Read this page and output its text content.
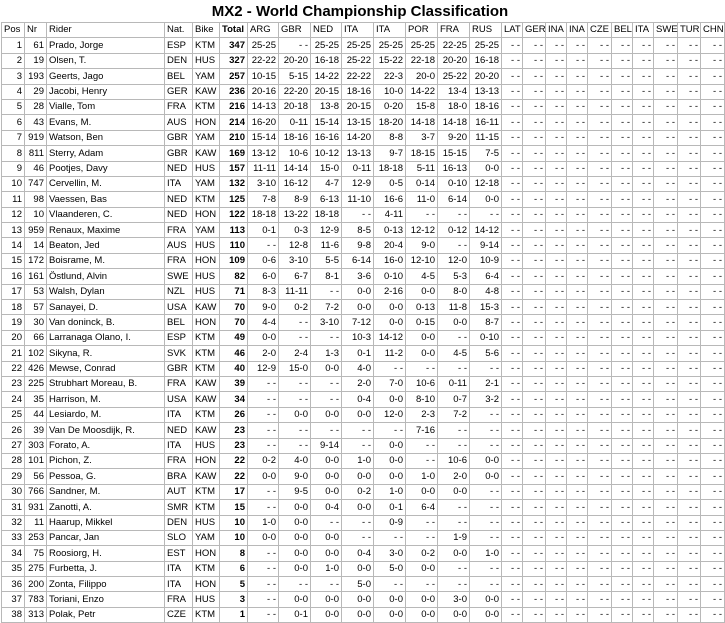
MX2 - World Championship Classification
Pos	Nr	Rider	Nat.	Bike	Total	ARG	GBR	NED	ITA	ITA	POR	FRA	RUS	LAT	GER	INA	INA	CZE	BEL	ITA	SWE	TUR	CHN
1	61	Prado, Jorge	ESP	KTM	347	25-25	- -	25-25	25-25	25-25	25-25	22-25	25-25	- -	- -	- -	- -	- -	- -	- -	- -	- -	- -
2	19	Olsen, T.	DEN	HUS	327	22-22	20-20	16-18	25-22	15-22	22-18	20-20	16-18	- -	- -	- -	- -	- -	- -	- -	- -	- -	- -
3	193	Geerts, Jago	BEL	YAM	257	10-15	5-15	14-22	22-22	22-3	20-0	25-22	20-20	- -	- -	- -	- -	- -	- -	- -	- -	- -	- -
4	29	Jacobi, Henry	GER	KAW	236	20-16	22-20	20-15	18-16	10-0	14-22	13-4	13-13	- -	- -	- -	- -	- -	- -	- -	- -	- -	- -
5	28	Vialle, Tom	FRA	KTM	216	14-13	20-18	13-8	20-15	0-20	15-8	18-0	18-16	- -	- -	- -	- -	- -	- -	- -	- -	- -	- -
6	43	Evans, M.	AUS	HON	214	16-20	0-11	15-14	13-15	18-20	14-18	14-18	16-11	- -	- -	- -	- -	- -	- -	- -	- -	- -	- -
7	919	Watson, Ben	GBR	YAM	210	15-14	18-16	16-16	14-20	8-8	3-7	9-20	11-15	- -	- -	- -	- -	- -	- -	- -	- -	- -	- -
8	811	Sterry, Adam	GBR	KAW	169	13-12	10-6	10-12	13-13	9-7	18-15	15-15	7-5	- -	- -	- -	- -	- -	- -	- -	- -	- -	- -
9	46	Pootjes, Davy	NED	HUS	157	11-11	14-14	15-0	0-11	18-18	5-11	16-13	0-0	- -	- -	- -	- -	- -	- -	- -	- -	- -	- -
10	747	Cervellin, M.	ITA	YAM	132	3-10	16-12	4-7	12-9	0-5	0-14	0-10	12-18	- -	- -	- -	- -	- -	- -	- -	- -	- -	- -
11	98	Vaessen, Bas	NED	KTM	125	7-8	8-9	6-13	11-10	16-6	11-0	6-14	0-0	- -	- -	- -	- -	- -	- -	- -	- -	- -	- -
12	10	Vlaanderen, C.	NED	HON	122	18-18	13-22	18-18	- -	4-11	- -	- -	- -	- -	- -	- -	- -	- -	- -	- -	- -	- -	- -
13	959	Renaux, Maxime	FRA	YAM	113	0-1	0-3	12-9	8-5	0-13	12-12	0-12	14-12	- -	- -	- -	- -	- -	- -	- -	- -	- -	- -
14	14	Beaton, Jed	AUS	HUS	110	- -	12-8	11-6	9-8	20-4	9-0	- -	9-14	- -	- -	- -	- -	- -	- -	- -	- -	- -	- -
15	172	Boisrame, M.	FRA	HON	109	0-6	3-10	5-5	6-14	16-0	12-10	12-0	10-9	- -	- -	- -	- -	- -	- -	- -	- -	- -	- -
16	161	Östlund, Alvin	SWE	HUS	82	6-0	6-7	8-1	3-6	0-10	4-5	5-3	6-4	- -	- -	- -	- -	- -	- -	- -	- -	- -	- -
17	53	Walsh, Dylan	NZL	HUS	71	8-3	11-11	- -	0-0	2-16	0-0	8-0	4-8	- -	- -	- -	- -	- -	- -	- -	- -	- -	- -
18	57	Sanayei, D.	USA	KAW	70	9-0	0-2	7-2	0-0	0-0	0-13	11-8	15-3	- -	- -	- -	- -	- -	- -	- -	- -	- -	- -
19	30	Van doninck, B.	BEL	HON	70	4-4	- -	3-10	7-12	0-0	0-15	0-0	8-7	- -	- -	- -	- -	- -	- -	- -	- -	- -	- -
20	66	Larranaga Olano, I.	ESP	KTM	49	0-0	- -	- -	10-3	14-12	0-0	- -	0-10	- -	- -	- -	- -	- -	- -	- -	- -	- -	- -
21	102	Sikyna, R.	SVK	KTM	46	2-0	2-4	1-3	0-1	11-2	0-0	4-5	5-6	- -	- -	- -	- -	- -	- -	- -	- -	- -	- -
22	426	Mewse, Conrad	GBR	KTM	40	12-9	15-0	0-0	4-0	- -	- -	- -	- -	- -	- -	- -	- -	- -	- -	- -	- -	- -	- -
23	225	Strubhart Moreau, B.	FRA	KAW	39	- -	- -	- -	2-0	7-0	10-6	0-11	2-1	- -	- -	- -	- -	- -	- -	- -	- -	- -	- -
24	35	Harrison, M.	USA	KAW	34	- -	- -	- -	0-4	0-0	8-10	0-7	3-2	- -	- -	- -	- -	- -	- -	- -	- -	- -	- -
25	44	Lesiardo, M.	ITA	KTM	26	- -	0-0	0-0	0-0	12-0	2-3	7-2	- -	- -	- -	- -	- -	- -	- -	- -	- -	- -	- -
26	39	Van De Moosdijk, R.	NED	KAW	23	- -	- -	- -	- -	- -	7-16	- -	- -	- -	- -	- -	- -	- -	- -	- -	- -	- -	- -
27	303	Forato, A.	ITA	HUS	23	- -	- -	9-14	- -	0-0	- -	- -	- -	- -	- -	- -	- -	- -	- -	- -	- -	- -	- -
28	101	Pichon, Z.	FRA	HON	22	0-2	4-0	0-0	1-0	0-0	- -	10-6	0-0	- -	- -	- -	- -	- -	- -	- -	- -	- -	- -
29	56	Pessoa, G.	BRA	KAW	22	0-0	9-0	0-0	0-0	0-0	1-0	2-0	0-0	- -	- -	- -	- -	- -	- -	- -	- -	- -	- -
30	766	Sandner, M.	AUT	KTM	17	- -	9-5	0-0	0-2	1-0	0-0	0-0	- -	- -	- -	- -	- -	- -	- -	- -	- -	- -	- -
31	931	Zanotti, A.	SMR	KTM	15	- -	0-0	0-4	0-0	0-1	6-4	- -	- -	- -	- -	- -	- -	- -	- -	- -	- -	- -	- -
32	11	Haarup, Mikkel	DEN	HUS	10	1-0	0-0	- -	- -	0-9	- -	- -	- -	- -	- -	- -	- -	- -	- -	- -	- -	- -	- -
33	253	Pancar, Jan	SLO	YAM	10	0-0	0-0	0-0	- -	- -	- -	1-9	- -	- -	- -	- -	- -	- -	- -	- -	- -	- -	- -
34	75	Roosiorg, H.	EST	HON	8	- -	0-0	0-0	0-4	3-0	0-2	0-0	1-0	- -	- -	- -	- -	- -	- -	- -	- -	- -	- -
35	275	Furbetta, J.	ITA	KTM	6	- -	0-0	1-0	0-0	5-0	0-0	- -	- -	- -	- -	- -	- -	- -	- -	- -	- -	- -	- -
36	200	Zonta, Filippo	ITA	HON	5	- -	- -	- -	5-0	- -	- -	- -	- -	- -	- -	- -	- -	- -	- -	- -	- -	- -	- -
37	783	Toriani, Enzo	FRA	HUS	3	- -	0-0	0-0	0-0	0-0	0-0	3-0	0-0	- -	- -	- -	- -	- -	- -	- -	- -	- -	- -
38	313	Polak, Petr	CZE	KTM	1	- -	0-1	0-0	0-0	0-0	0-0	0-0	0-0	- -	- -	- -	- -	- -	- -	- -	- -	- -	- -
